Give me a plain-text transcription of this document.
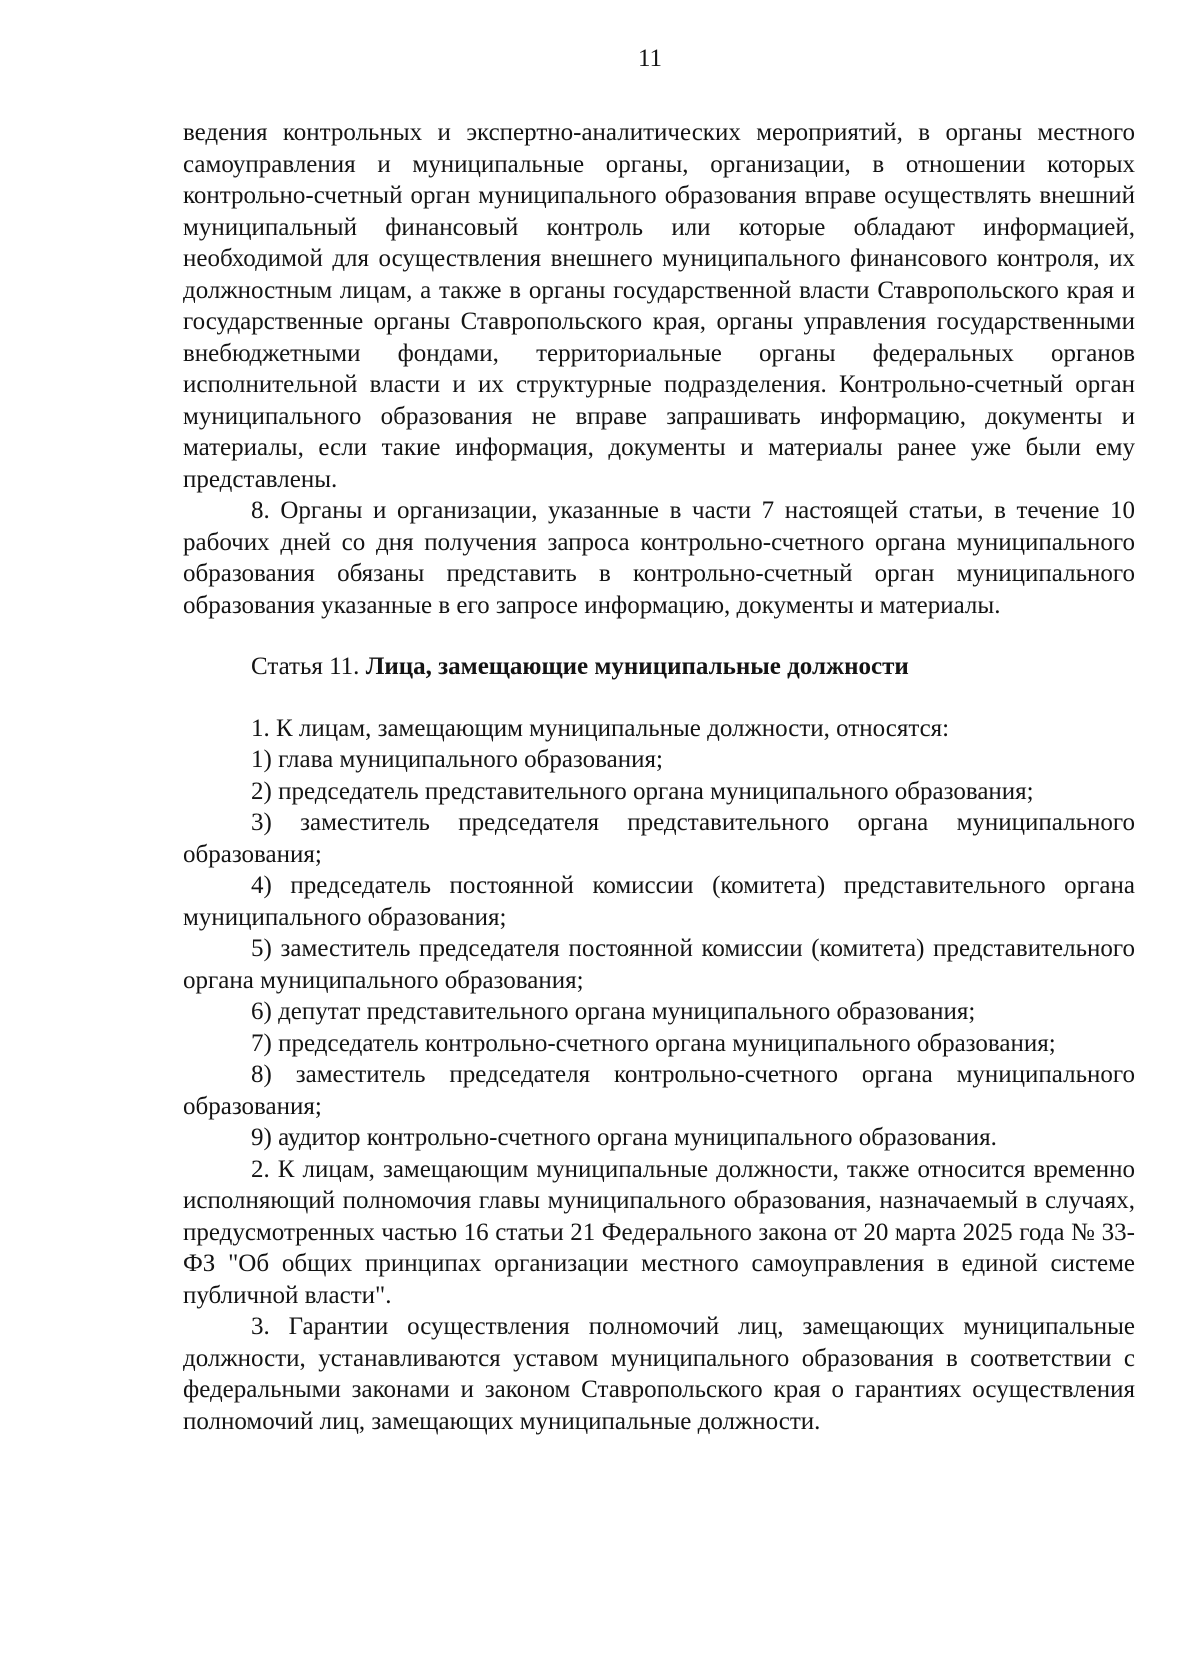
11

ведения контрольных и экспертно-аналитических мероприятий, в органы местного самоуправления и муниципальные органы, организации, в отношении которых контрольно-счетный орган муниципального образования вправе осуществлять внешний муниципальный финансовый контроль или которые обладают информацией, необходимой для осуществления внешнего муниципального финансового контроля, их должностным лицам, а также в органы государственной власти Ставропольского края и государственные органы Ставропольского края, органы управления государственными внебюджетными фондами, территориальные органы федеральных органов исполнительной власти и их структурные подразделения. Контрольно-счетный орган муниципального образования не вправе запрашивать информацию, документы и материалы, если такие информация, документы и материалы ранее уже были ему представлены.

8. Органы и организации, указанные в части 7 настоящей статьи, в течение 10 рабочих дней со дня получения запроса контрольно-счетного органа муниципального образования обязаны представить в контрольно-счетный орган муниципального образования указанные в его запросе информацию, документы и материалы.

Статья 11. Лица, замещающие муниципальные должности

1. К лицам, замещающим муниципальные должности, относятся:

1) глава муниципального образования;

2) председатель представительного органа муниципального образования;

3) заместитель председателя представительного органа муниципального образования;

4) председатель постоянной комиссии (комитета) представительного органа муниципального образования;

5) заместитель председателя постоянной комиссии (комитета) представительного органа муниципального образования;

6) депутат представительного органа муниципального образования;

7) председатель контрольно-счетного органа муниципального образования;

8) заместитель председателя контрольно-счетного органа муниципального образования;

9) аудитор контрольно-счетного органа муниципального образования.

2. К лицам, замещающим муниципальные должности, также относится временно исполняющий полномочия главы муниципального образования, назначаемый в случаях, предусмотренных частью 16 статьи 21 Федерального закона от 20 марта 2025 года № 33-ФЗ "Об общих принципах организации местного самоуправления в единой системе публичной власти".

3. Гарантии осуществления полномочий лиц, замещающих муниципальные должности, устанавливаются уставом муниципального образования в соответствии с федеральными законами и законом Ставропольского края о гарантиях осуществления полномочий лиц, замещающих муниципальные должности.
